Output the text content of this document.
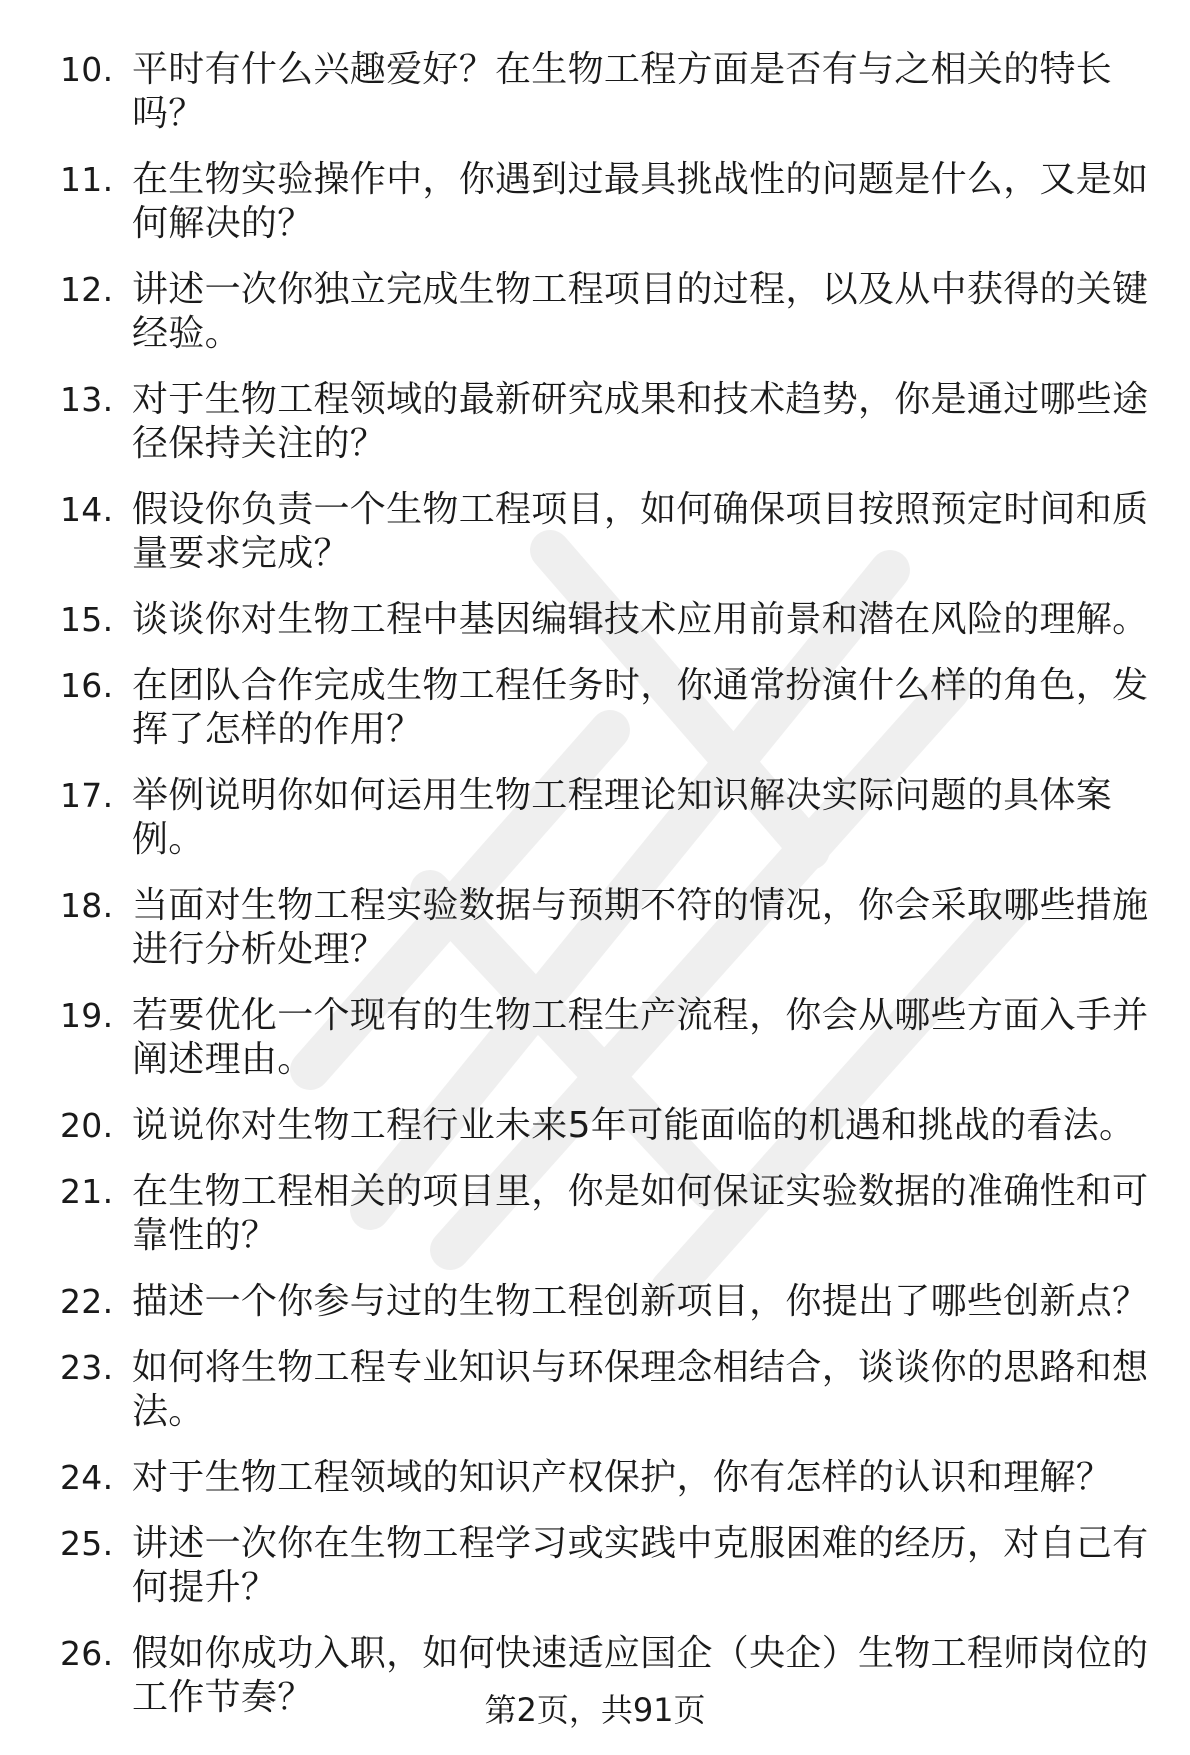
10. 平时有什么兴趣爱好？在生物工程方面是否有与之相关的特长吗？
11. 在生物实验操作中，你遇到过最具挑战性的问题是什么，又是如何解决的？
12. 讲述一次你独立完成生物工程项目的过程，以及从中获得的关键经验。
13. 对于生物工程领域的最新研究成果和技术趋势，你是通过哪些途径保持关注的？
14. 假设你负责一个生物工程项目，如何确保项目按照预定时间和质量要求完成？
15. 谈谈你对生物工程中基因编辑技术应用前景和潜在风险的理解。
16. 在团队合作完成生物工程任务时，你通常扮演什么样的角色，发挥了怎样的作用？
17. 举例说明你如何运用生物工程理论知识解决实际问题的具体案例。
18. 当面对生物工程实验数据与预期不符的情况，你会采取哪些措施进行分析处理？
19. 若要优化一个现有的生物工程生产流程，你会从哪些方面入手并阐述理由。
20. 说说你对生物工程行业未来5年可能面临的机遇和挑战的看法。
21. 在生物工程相关的项目里，你是如何保证实验数据的准确性和可靠性的？
22. 描述一个你参与过的生物工程创新项目，你提出了哪些创新点？
23. 如何将生物工程专业知识与环保理念相结合，谈谈你的思路和想法。
24. 对于生物工程领域的知识产权保护，你有怎样的认识和理解？
25. 讲述一次你在生物工程学习或实践中克服困难的经历，对自己有何提升？
26. 假如你成功入职，如何快速适应国企（央企）生物工程师岗位的工作节奏？	第2页，共91页
